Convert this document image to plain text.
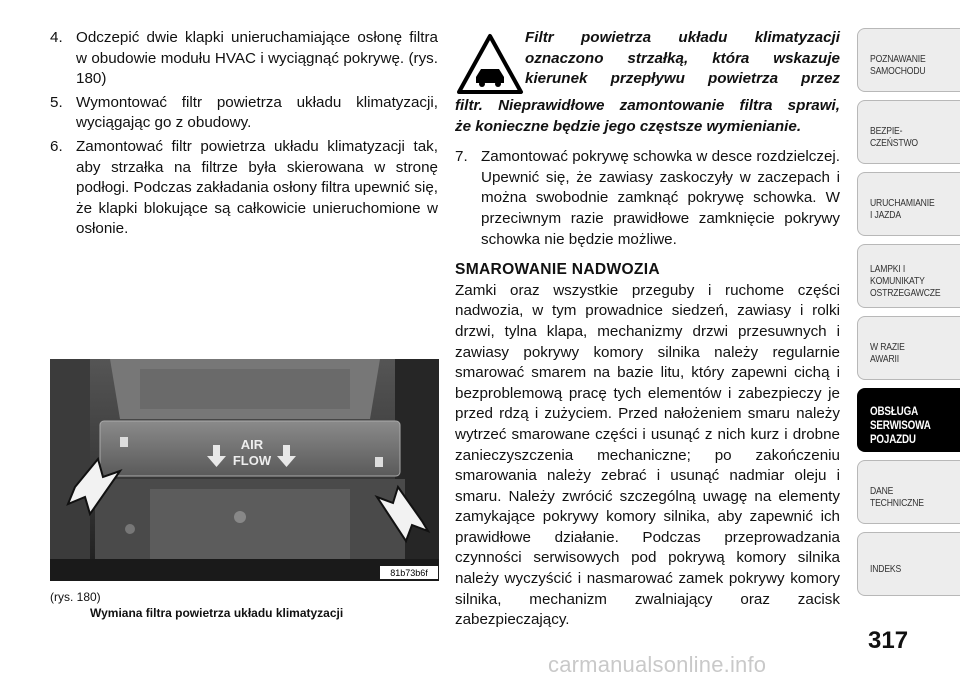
4. Odczepić dwie klapki unieruchamiające osłonę filtra w obudowie modułu HVAC i wyciągnąć pokrywę. (rys. 180)
5. Wymontować filtr powietrza układu klimatyzacji, wyciągając go z obudowy.
6. Zamontować filtr powietrza układu klimatyzacji tak, aby strzałka na filtrze była skierowana w stronę podłogi. Podczas zakładania osłony filtra upewnić się, że klapki blokujące są całkowicie unieruchomione w osłonie.
AIR
FLOW
81b73b6f
(rys. 180)
Wymiana filtra powietrza układu klimatyzacji
Filtr powietrza układu klimatyzacji
oznaczono strzałką, która wskazuje
kierunek przepływu powietrza przez
filtr. Nieprawidłowe zamontowanie filtra sprawi,
że konieczne będzie jego częstsze wymienianie.
7. Zamontować pokrywę schowka w desce rozdzielczej. Upewnić się, że zawiasy zaskoczyły w zaczepach i można swobodnie zamknąć pokrywę schowka. W przeciwnym razie prawidłowe zamknięcie pokrywy schowka nie będzie możliwe.
SMAROWANIE NADWOZIA
Zamki oraz wszystkie przeguby i ruchome części nadwozia, w tym prowadnice siedzeń, zawiasy i rolki drzwi, tylna klapa, mechanizmy drzwi przesuwnych i zawiasy pokrywy komory silnika należy regularnie smarować smarem na bazie litu, który zapewni cichą i bezproblemową pracę tych elementów i zabezpieczy je przed rdzą i zużyciem. Przed nałożeniem smaru należy wytrzeć smarowane części i usunąć z nich kurz i drobne zanieczyszczenia mechaniczne; po zakończeniu smarowania należy zebrać i usunąć nadmiar oleju i smaru. Należy zwrócić szczególną uwagę na elementy zamykające pokrywy komory silnika, aby zapewnić ich prawidłowe działanie. Podczas przeprowadzania czynności serwisowych pod pokrywą komory silnika należy wyczyścić i nasmarować zamek pokrywy komory silnika, mechanizm zwalniający oraz zacisk zabezpieczający.
POZNAWANIE
SAMOCHODU
BEZPIE-
CZEŃSTWO
URUCHAMIANIE
I JAZDA
LAMPKI I
KOMUNIKATY
OSTRZEGAWCZE
W RAZIE
AWARII
OBSŁUGA
SERWISOWA
POJAZDU
DANE
TECHNICZNE
INDEKS
317
carmanualsonline.info
